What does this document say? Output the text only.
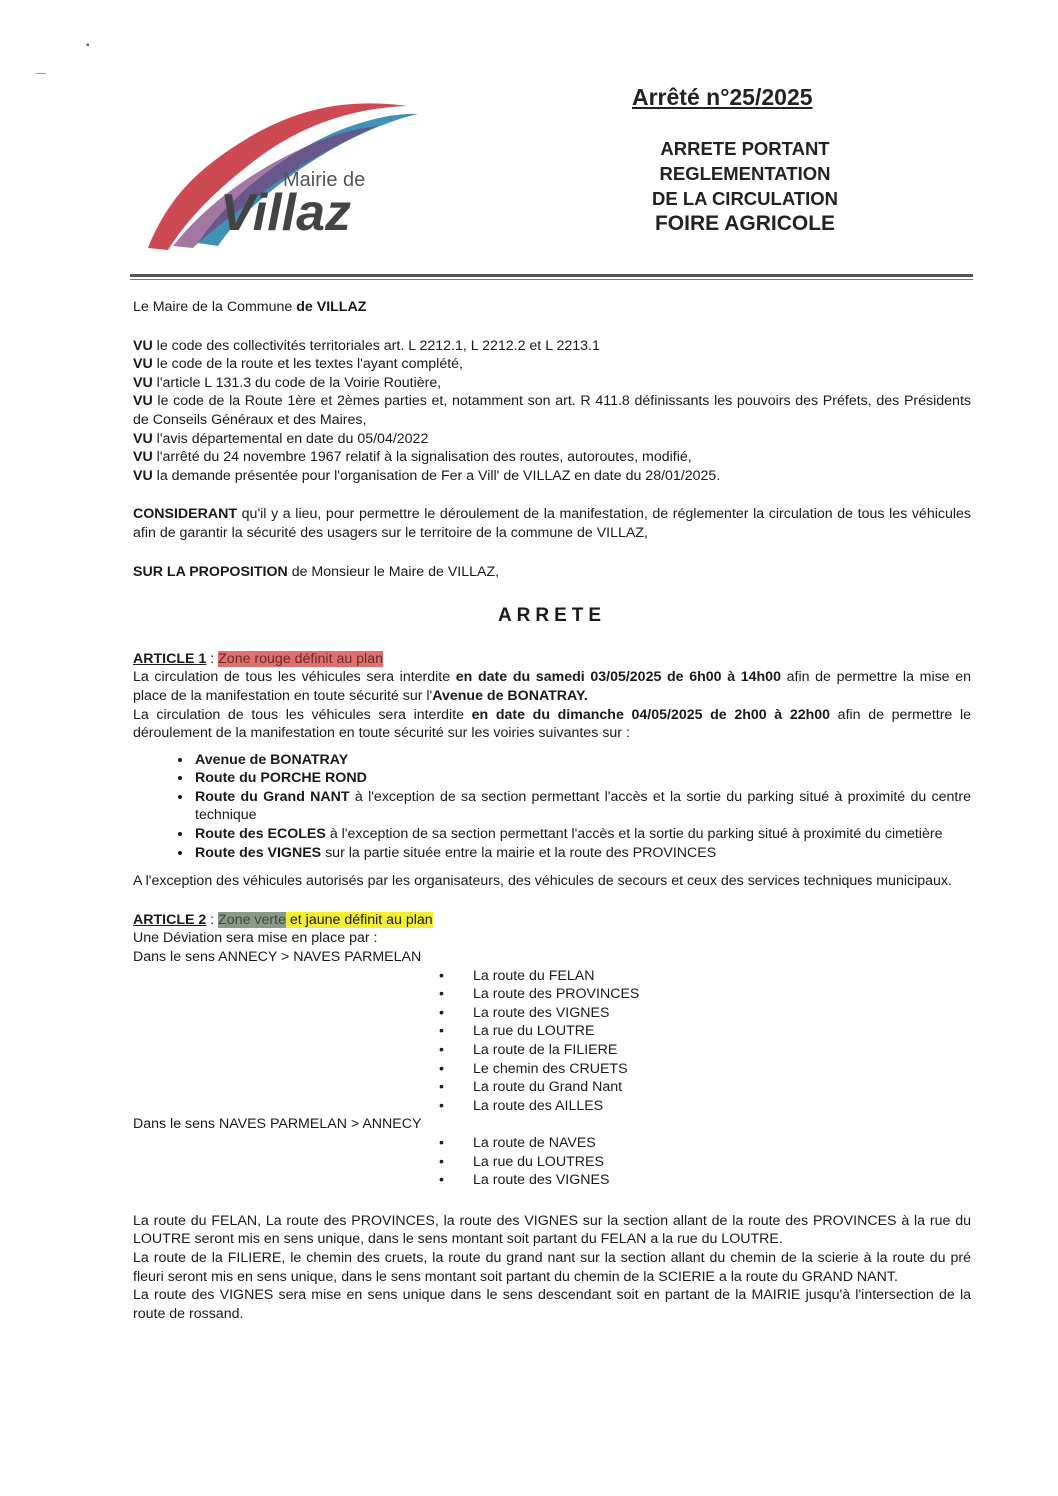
▪
—
Mairie de
Villaz
Arrêté n°25/2025
ARRETE PORTANT
REGLEMENTATION
DE LA CIRCULATION
FOIRE AGRICOLE

Le Maire de la Commune de VILLAZ

VU le code des collectivités territoriales art. L 2212.1, L 2212.2 et L 2213.1

VU le code de la route et les textes l'ayant complété,

VU l'article L 131.3 du code de la Voirie Routière,

VU le code de la Route 1ère et 2èmes parties et, notamment son art. R 411.8 définissants les pouvoirs des Préfets, des Présidents de Conseils Généraux et des Maires,

VU l'avis départemental en date du 05/04/2022

VU l'arrêté du 24 novembre 1967 relatif à la signalisation des routes, autoroutes, modifié,

VU la demande présentée pour l'organisation de Fer a Vill' de VILLAZ en date du 28/01/2025.

CONSIDERANT qu'il y a lieu, pour permettre le déroulement de la manifestation, de réglementer la circulation de tous les véhicules afin de garantir la sécurité des usagers sur le territoire de la commune de VILLAZ,

SUR LA PROPOSITION de Monsieur le Maire de VILLAZ,

ARRETE

ARTICLE 1 : Zone rouge définit au plan

La circulation de tous les véhicules sera interdite en date du samedi 03/05/2025 de 6h00 à 14h00 afin de permettre la mise en place de la manifestation en toute sécurité sur l'Avenue de BONATRAY.

La circulation de tous les véhicules sera interdite en date du dimanche 04/05/2025 de 2h00 à 22h00 afin de permettre le déroulement de la manifestation en toute sécurité sur les voiries suivantes sur :

• Avenue de BONATRAY
• Route du PORCHE ROND
• Route du Grand NANT à l'exception de sa section permettant l'accès et la sortie du parking situé à proximité du centre technique
• Route des ECOLES à l'exception de sa section permettant l'accès et la sortie du parking situé à proximité du cimetière
• Route des VIGNES sur la partie située entre la mairie et la route des PROVINCES

A l'exception des véhicules autorisés par les organisateurs, des véhicules de secours et ceux des services techniques municipaux.

ARTICLE 2 : Zone verte et jaune définit au plan

Une Déviation sera mise en place par :

Dans le sens ANNECY > NAVES PARMELAN

• La route du FELAN
• La route des PROVINCES
• La route des VIGNES
• La rue du LOUTRE
• La route de la FILIERE
• Le chemin des CRUETS
• La route du Grand Nant
• La route des AILLES

Dans le sens NAVES PARMELAN > ANNECY

• La route de NAVES
• La rue du LOUTRES
• La route des VIGNES

La route du FELAN, La route des PROVINCES, la route des VIGNES sur la section allant de la route des PROVINCES à la rue du LOUTRE seront mis en sens unique, dans le sens montant soit partant du FELAN a la rue du LOUTRE.

La route de la FILIERE, le chemin des cruets, la route du grand nant sur la section allant du chemin de la scierie à la route du pré fleuri seront mis en sens unique, dans le sens montant soit partant du chemin de la SCIERIE a la route du GRAND NANT.

La route des VIGNES sera mise en sens unique dans le sens descendant soit en partant de la MAIRIE jusqu'à l'intersection de la route de rossand.
